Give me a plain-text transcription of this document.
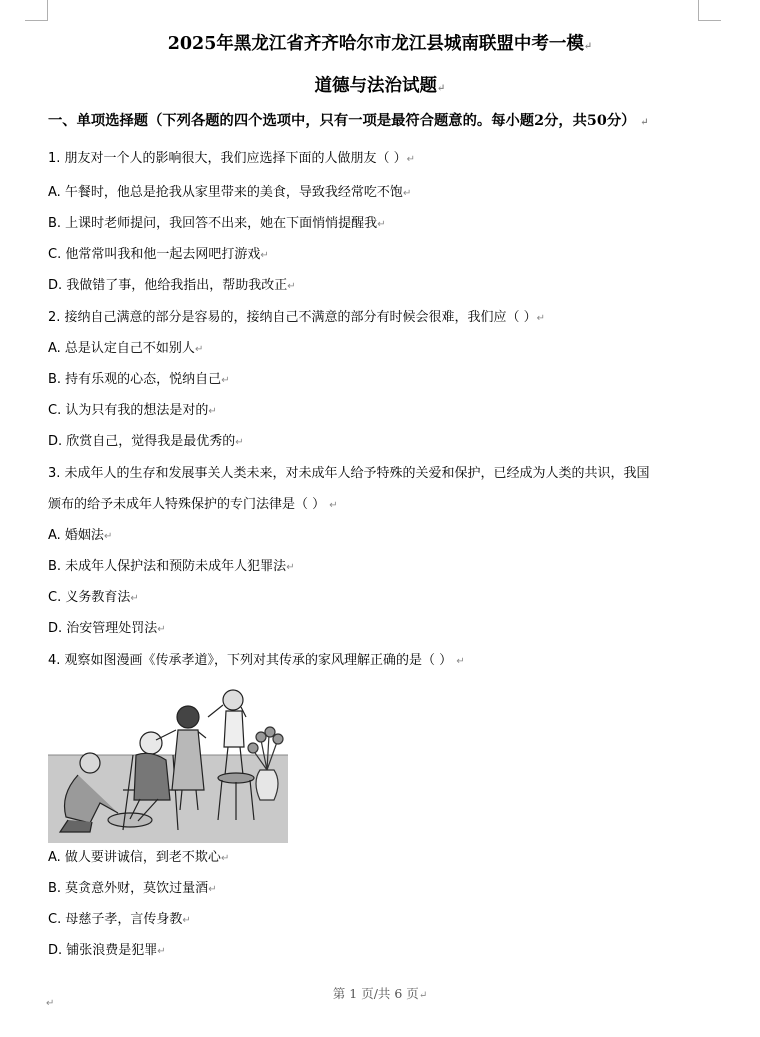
2025年黑龙江省齐齐哈尔市龙江县城南联盟中考一模↵
道德与法治试题↵
一、单项选择题（下列各题的四个选项中，只有一项是最符合题意的。每小题2分，共50分） ↵
1. 朋友对一个人的影响很大，我们应选择下面的人做朋友（ ）↵
A. 午餐时，他总是抢我从家里带来的美食，导致我经常吃不饱↵
B. 上课时老师提问，我回答不出来，她在下面悄悄提醒我↵
C. 他常常叫我和他一起去网吧打游戏↵
D. 我做错了事，他给我指出，帮助我改正↵
2. 接纳自己满意的部分是容易的，接纳自己不满意的部分有时候会很难，我们应（ ）↵
A. 总是认定自己不如别人↵
B. 持有乐观的心态，悦纳自己↵
C. 认为只有我的想法是对的↵
D. 欣赏自己，觉得我是最优秀的↵
3. 未成年人的生存和发展事关人类未来，对未成年人给予特殊的关爱和保护，已经成为人类的共识，我国
颁布的给予未成年人特殊保护的专门法律是（ ） ↵
A. 婚姻法↵
B. 未成年人保护法和预防未成年人犯罪法↵
C. 义务教育法↵
D. 治安管理处罚法↵
4. 观察如图漫画《传承孝道》，下列对其传承的家风理解正确的是（ ） ↵
A. 做人要讲诚信，到老不欺心↵
B. 莫贪意外财，莫饮过量酒↵
C. 母慈子孝，言传身教↵
D. 铺张浪费是犯罪↵
第 1 页/共 6 页↵
↵
